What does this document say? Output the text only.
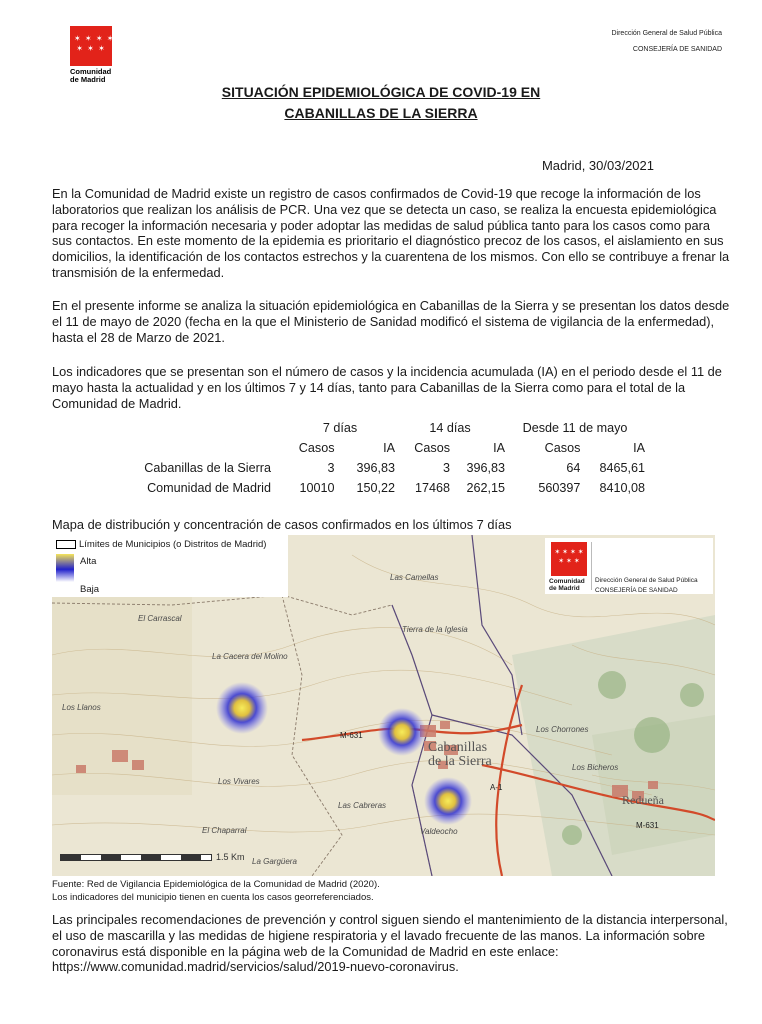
✶ ✶ ✶ ✶
✶ ✶ ✶
Comunidad
de Madrid
Dirección General de Salud Pública
CONSEJERÍA DE SANIDAD
SITUACIÓN EPIDEMIOLÓGICA DE COVID-19 EN
CABANILLAS DE LA SIERRA
Madrid, 30/03/2021
En la Comunidad de Madrid existe un registro de casos confirmados de Covid-19 que recoge la información de los laboratorios que realizan los análisis de PCR. Una vez que se detecta un caso, se realiza la encuesta epidemiológica para recoger la información necesaria y poder adoptar las medidas de salud pública tanto para los casos como para sus contactos. En este momento de la epidemia es prioritario el diagnóstico precoz de los casos, el aislamiento en sus domicilios, la identificación de los contactos estrechos y la cuarentena de los mismos. Con ello se contribuye a frenar la transmisión de la enfermedad.
En el presente informe se analiza la situación epidemiológica en Cabanillas de la Sierra y se presentan los datos desde el 11 de mayo de 2020 (fecha en la que el Ministerio de Sanidad modificó el sistema de vigilancia de la enfermedad), hasta el 28 de Marzo de 2021.
Los indicadores que se presentan son el número de casos y la incidencia acumulada (IA) en el periodo desde el 11 de mayo hasta la actualidad y en los últimos 7 y 14 días, tanto para Cabanillas de la Sierra como para el total de la Comunidad de Madrid.
	7 días		14 días		Desde 11 de mayo	
	Casos	IA	Casos	IA	Casos	IA
Cabanillas de la Sierra	3	396,83	3	396,83	64	8465,61
Comunidad de Madrid	10010	150,22	17468	262,15	560397	8410,08
Mapa de distribución y concentración de casos confirmados en los últimos 7 días
La Cacera del Molino
El Carrascal
Los Llanos
El Chaparral
Los Vivares
Las Camellas
Tierra de la Iglesia
Los Chorrones
La Gargüera
Valdeocho
Las Cabreras
Los Bicheros
M-631
A-1
M-631
Cabanillas
de la Sierra
Redueña
Límites de Municipios (o Distritos de Madrid)
Alta
Baja
✶ ✶ ✶ ✶
✶ ✶ ✶
Comunidad
de Madrid
Dirección General de Salud Pública
CONSEJERÍA DE SANIDAD
1.5 Km
Fuente: Red de Vigilancia Epidemiológica de la Comunidad de Madrid (2020).
Los indicadores del municipio tienen en cuenta los casos georreferenciados.
Las principales recomendaciones de prevención y control siguen siendo el mantenimiento de la distancia interpersonal, el uso de mascarilla y las medidas de higiene respiratoria y el lavado frecuente de las manos. La información sobre coronavirus está disponible en la página web de la Comunidad de Madrid en este enlace: https://www.comunidad.madrid/servicios/salud/2019-nuevo-coronavirus.
